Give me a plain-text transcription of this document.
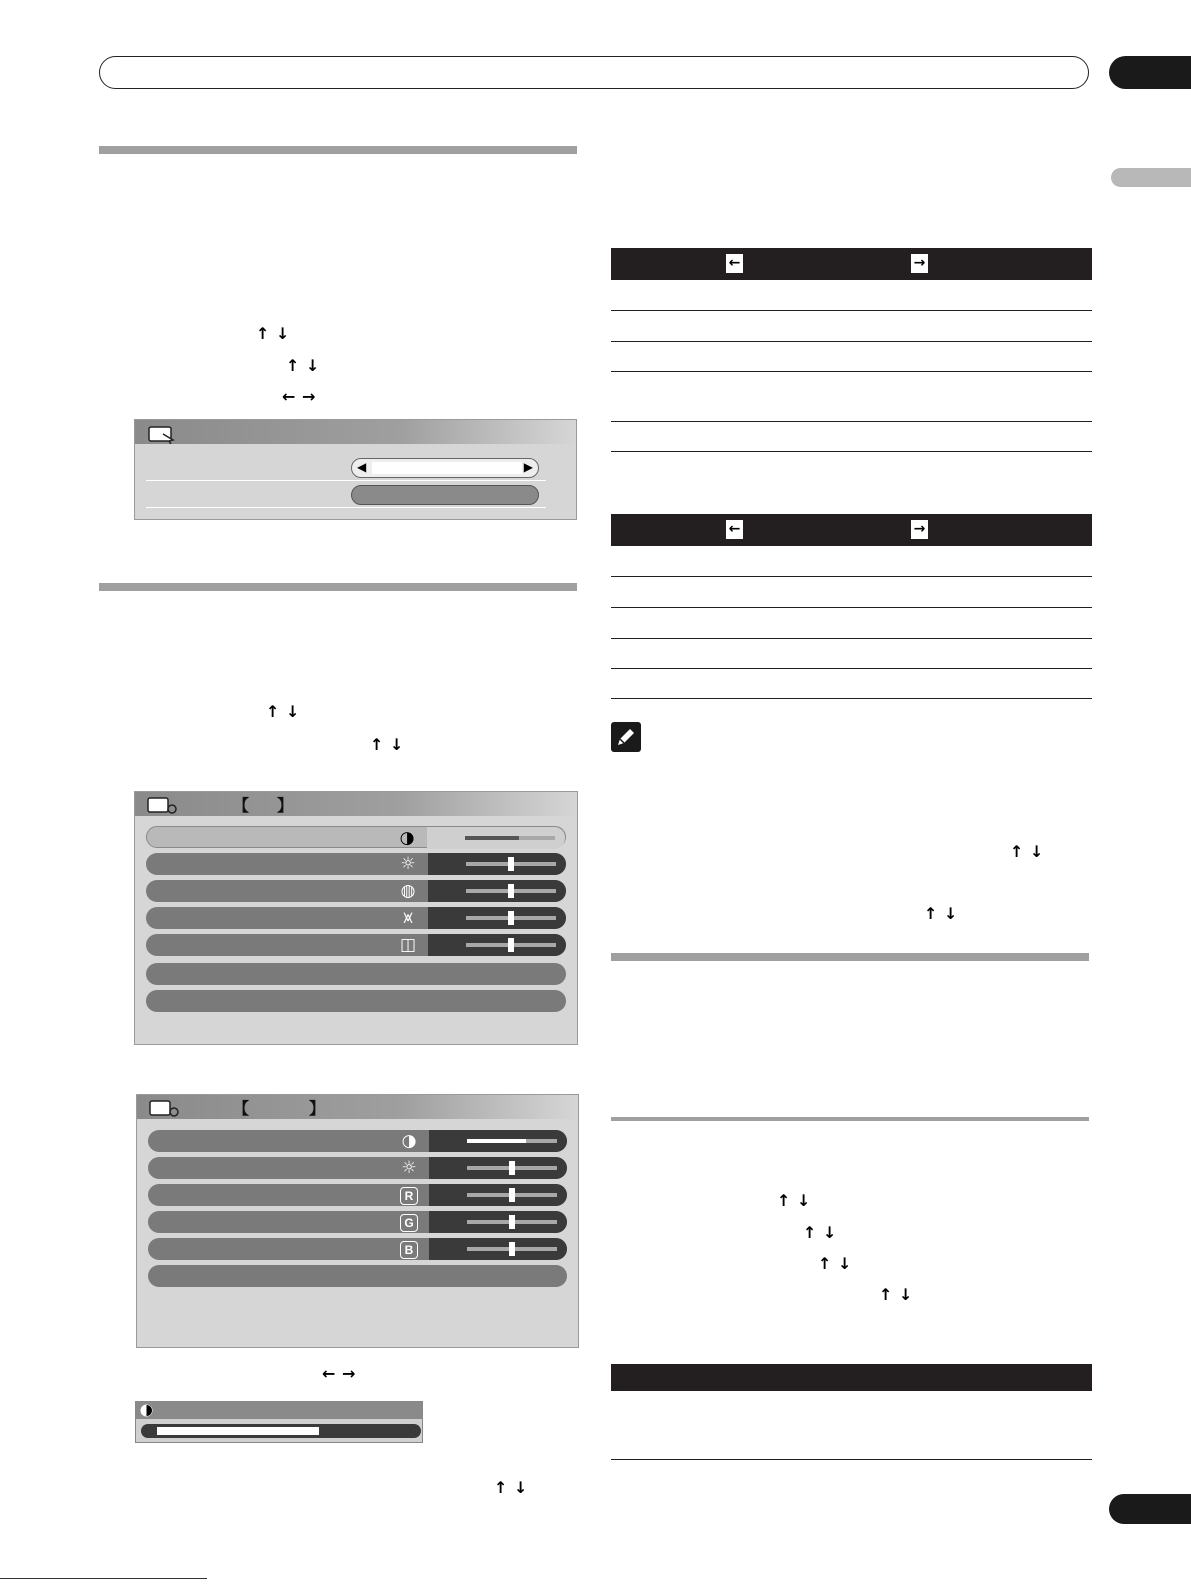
↑ ↓
↑ ↓
← →
◀	▶
↑ ↓
↑ ↓
【 】
◑
☼
◍
⩙
◫
【	】
◑
☼
R
G
B
← →
↑ ↓
←	→
←	→
↑ ↓
↑ ↓
↑ ↓
↑ ↓
↑ ↓
↑ ↓
